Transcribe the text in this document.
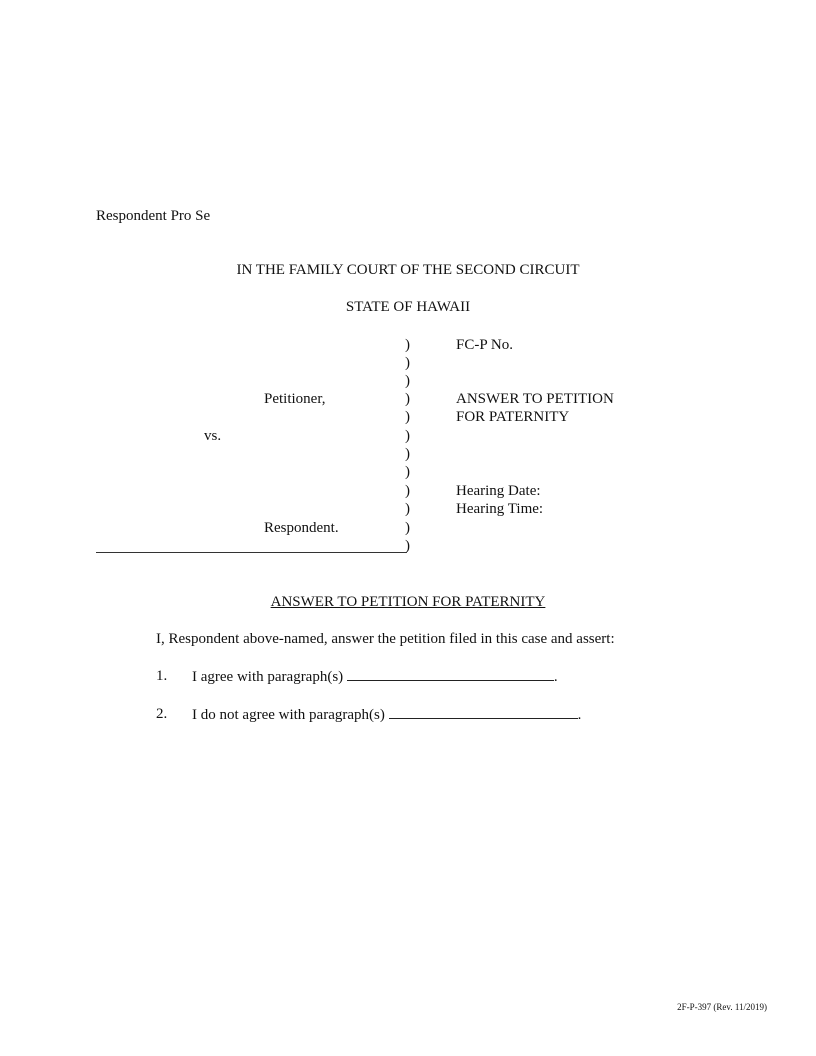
Respondent Pro Se
IN THE FAMILY COURT OF THE SECOND CIRCUIT
STATE OF HAWAII
)
)
)
)
)
)
)
)
)
)
)
)
Petitioner,
vs.
Respondent.
FC-P No.
ANSWER TO PETITION
FOR PATERNITY
Hearing Date:
Hearing Time:
ANSWER TO PETITION FOR PATERNITY
I, Respondent above-named, answer the petition filed in this case and assert:
1. I agree with paragraph(s)	.
2. I do not agree with paragraph(s)	.
2F-P-397 (Rev. 11/2019)
